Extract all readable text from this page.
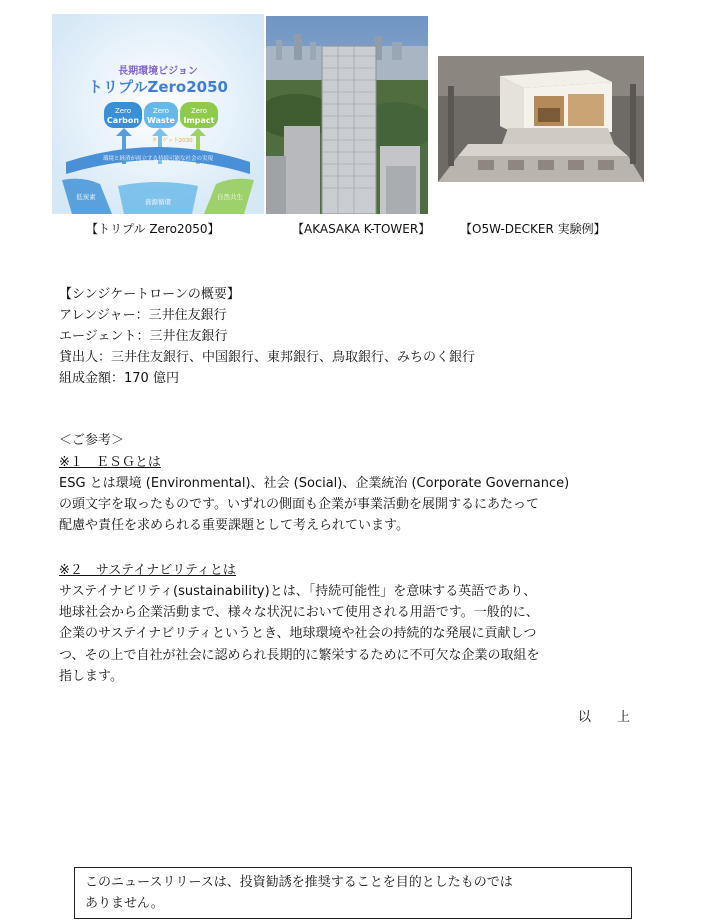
長期環境ビジョン
トリプルZero2050
Zero
Carbon
Zero
Waste
Zero
Impact
環境と経済が両立する持続可能な社会の実現
ターゲット2030
低炭素
資源循環
自然共生
【トリプル Zero2050】	【AKASAKA K-TOWER】 【O5W-DECKER 実験例】
【シンジケートローンの概要】
アレンジャー：三井住友銀行
エージェント：三井住友銀行
貸出人：三井住友銀行、中国銀行、東邦銀行、鳥取銀行、みちのく銀行
組成金額：170 億円
＜ご参考＞
※１　ＥＳＧとは
ESG とは環境 (Environmental)、社会 (Social)、企業統治 (Corporate Governance)
の頭文字を取ったものです。いずれの側面も企業が事業活動を展開するにあたって
配慮や責任を求められる重要課題として考えられています。
※２　サステイナビリティとは
サステイナビリティ(sustainability)とは、「持続可能性」を意味する英語であり、
地球社会から企業活動まで、様々な状況において使用される用語です。一般的に、
企業のサステイナビリティというとき、地球環境や社会の持続的な発展に貢献しつ
つ、その上で自社が社会に認められ長期的に繁栄するために不可欠な企業の取組を
指します。
以　　上
このニュースリリースは、投資勧誘を推奨することを目的としたものでは
ありません。
